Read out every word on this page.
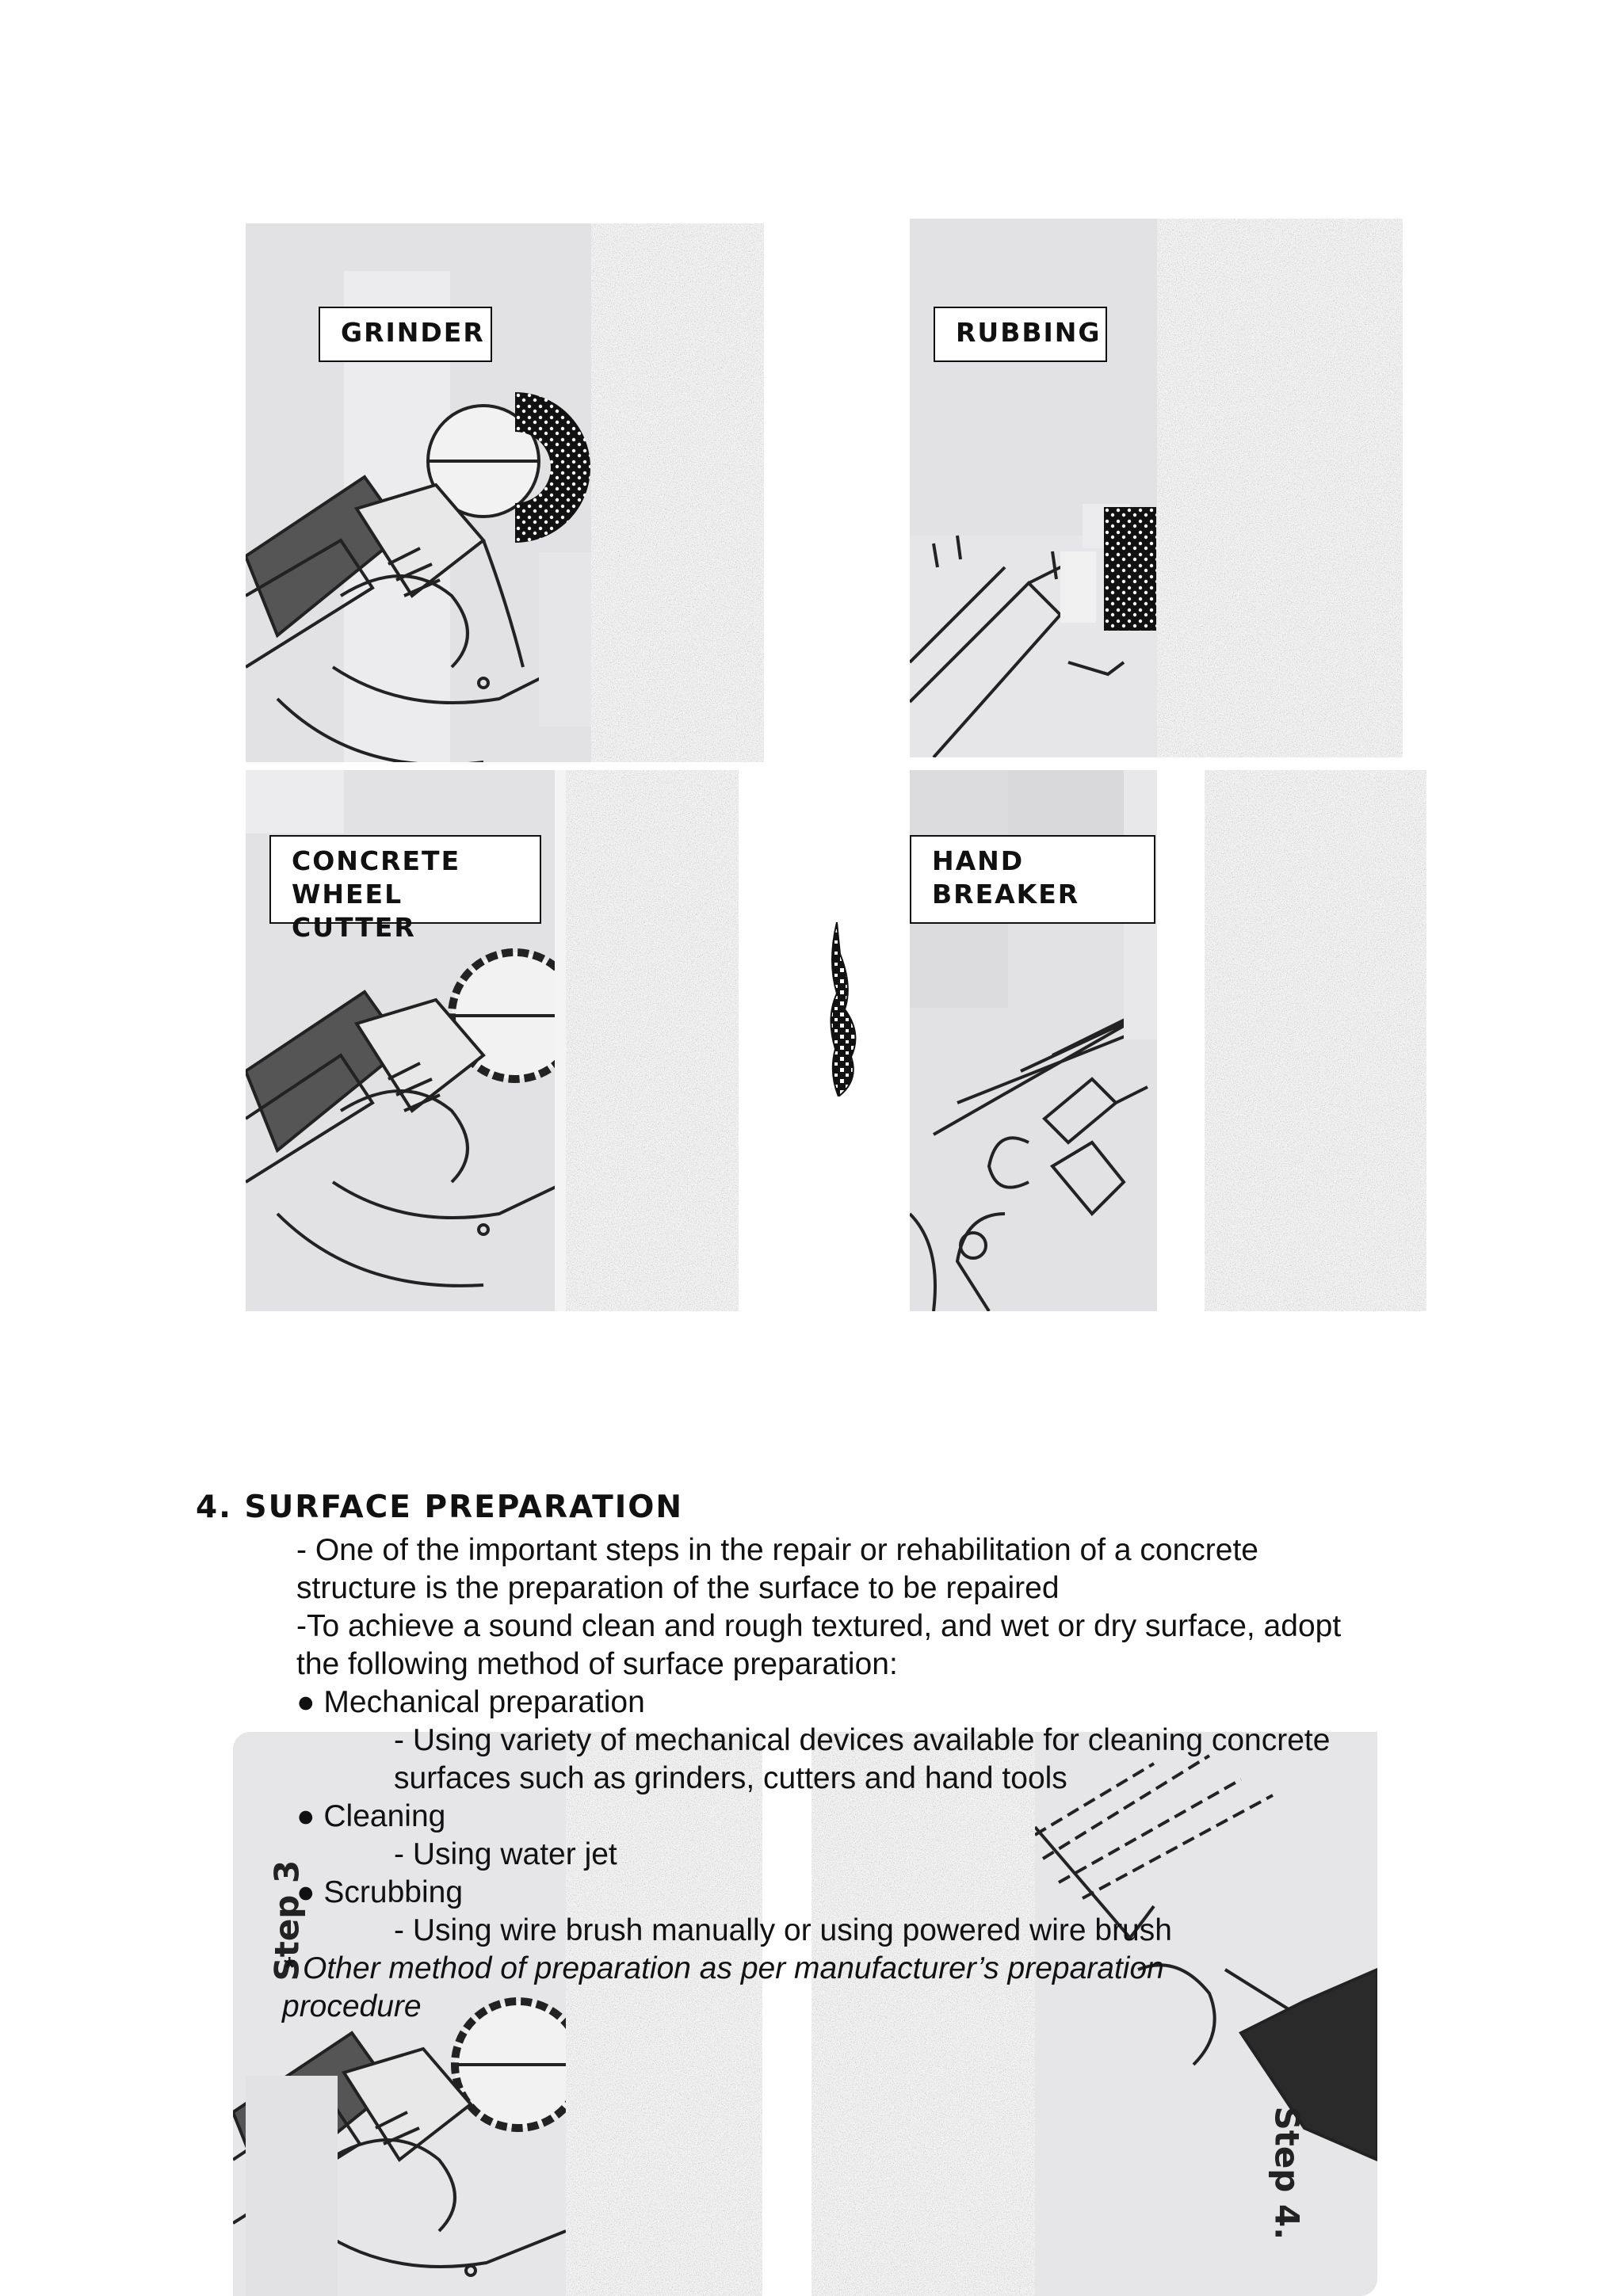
GRINDER	RUBBING
CONCRETE
WHEEL CUTTER
HAND
BREAKER
4. SURFACE PREPARATION
Step 3
Step 4.
- One of the important steps in the repair or rehabilitation of a concrete
structure is the preparation of the surface to be repaired
-To achieve a sound clean and rough textured, and wet or dry surface, adopt
the following method of surface preparation:
● Mechanical preparation
- Using variety of mechanical devices available for cleaning concrete
surfaces such as grinders, cutters and hand tools
● Cleaning
- Using water jet
● Scrubbing
- Using wire brush manually or using powered wire brush
* Other method of preparation as per manufacturer’s preparation
procedure
